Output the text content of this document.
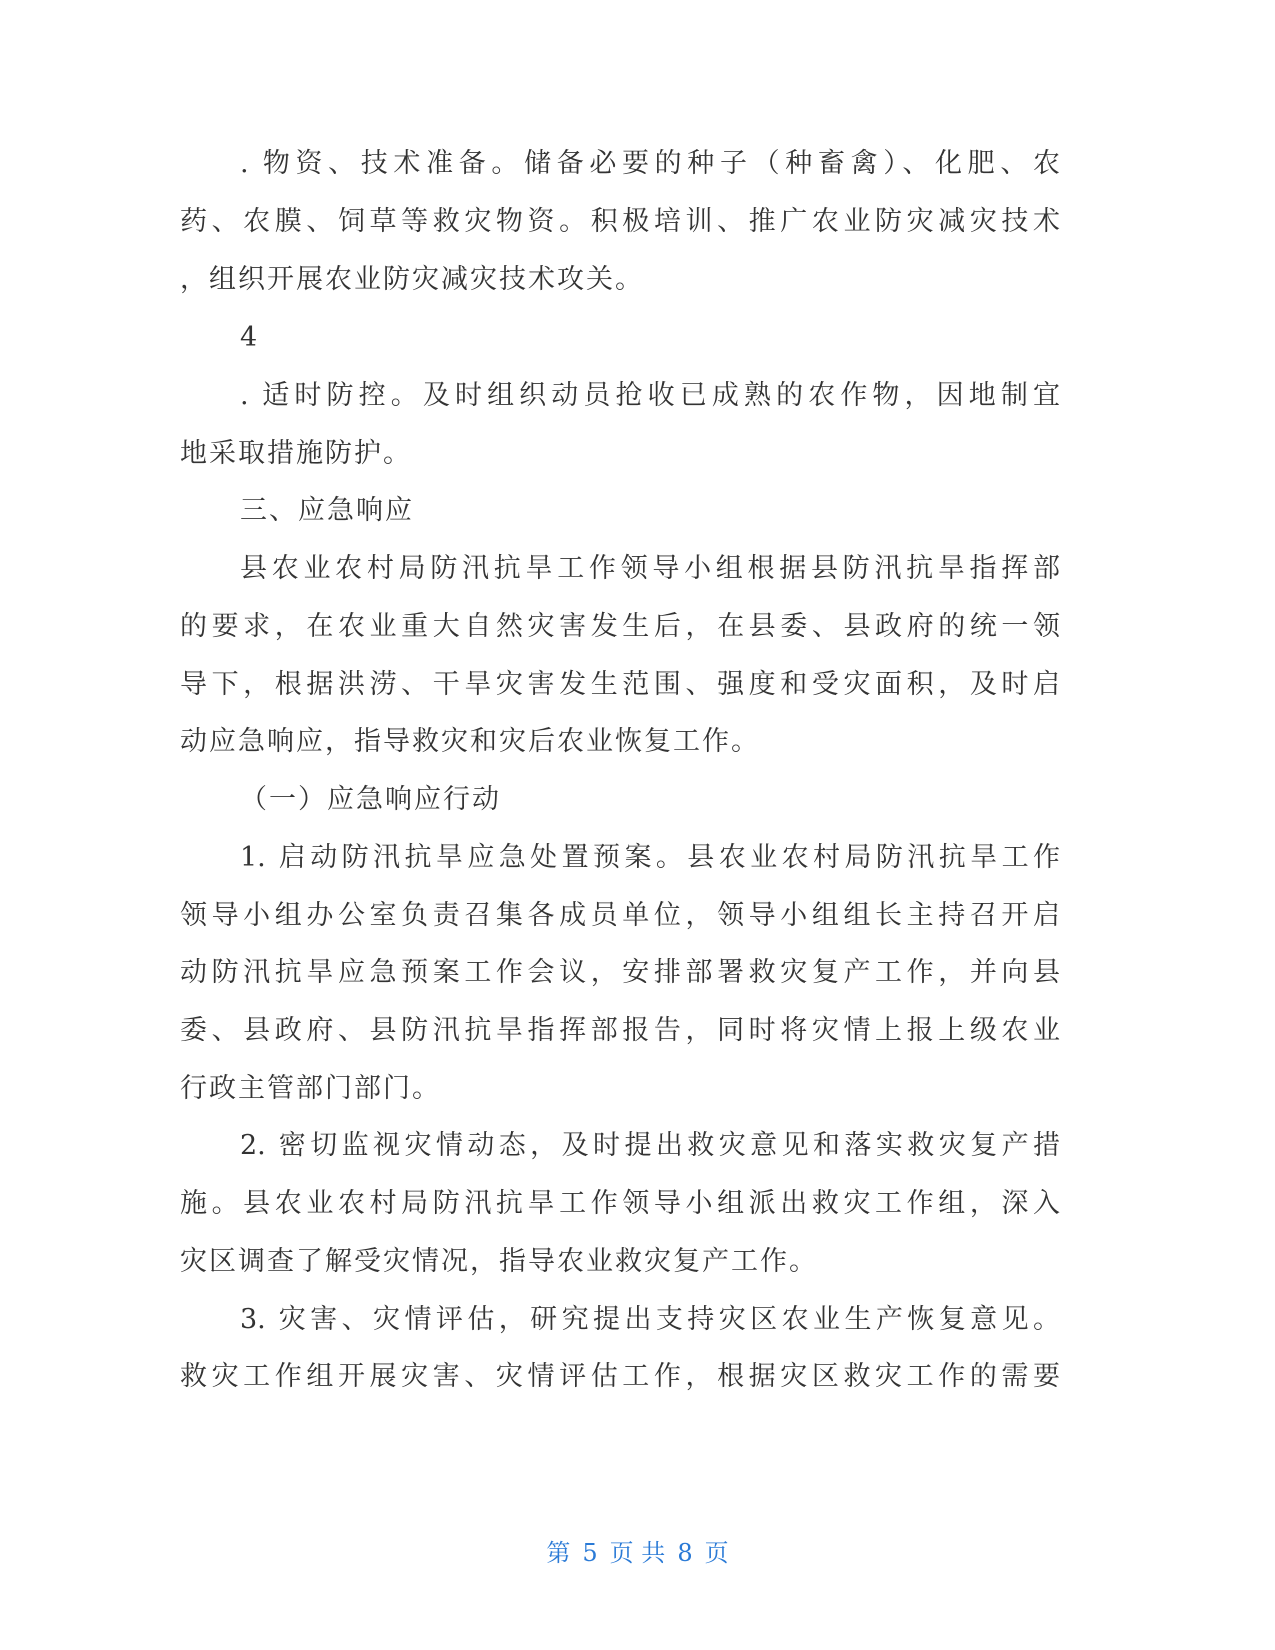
. 物资、技术准备。储备必要的种子（种畜禽）、化肥、农
药、农膜、饲草等救灾物资。积极培训、推广农业防灾减灾技术
，组织开展农业防灾减灾技术攻关。
4
. 适时防控。及时组织动员抢收已成熟的农作物，因地制宜
地采取措施防护。
三、应急响应
县农业农村局防汛抗旱工作领导小组根据县防汛抗旱指挥部
的要求，在农业重大自然灾害发生后，在县委、县政府的统一领
导下，根据洪涝、干旱灾害发生范围、强度和受灾面积，及时启
动应急响应，指导救灾和灾后农业恢复工作。
（一）应急响应行动
1. 启动防汛抗旱应急处置预案。县农业农村局防汛抗旱工作
领导小组办公室负责召集各成员单位，领导小组组长主持召开启
动防汛抗旱应急预案工作会议，安排部署救灾复产工作，并向县
委、县政府、县防汛抗旱指挥部报告，同时将灾情上报上级农业
行政主管部门部门。
2. 密切监视灾情动态，及时提出救灾意见和落实救灾复产措
施。县农业农村局防汛抗旱工作领导小组派出救灾工作组，深入
灾区调查了解受灾情况，指导农业救灾复产工作。
3. 灾害、灾情评估，研究提出支持灾区农业生产恢复意见。
救灾工作组开展灾害、灾情评估工作，根据灾区救灾工作的需要
第 5 页 共 8 页
